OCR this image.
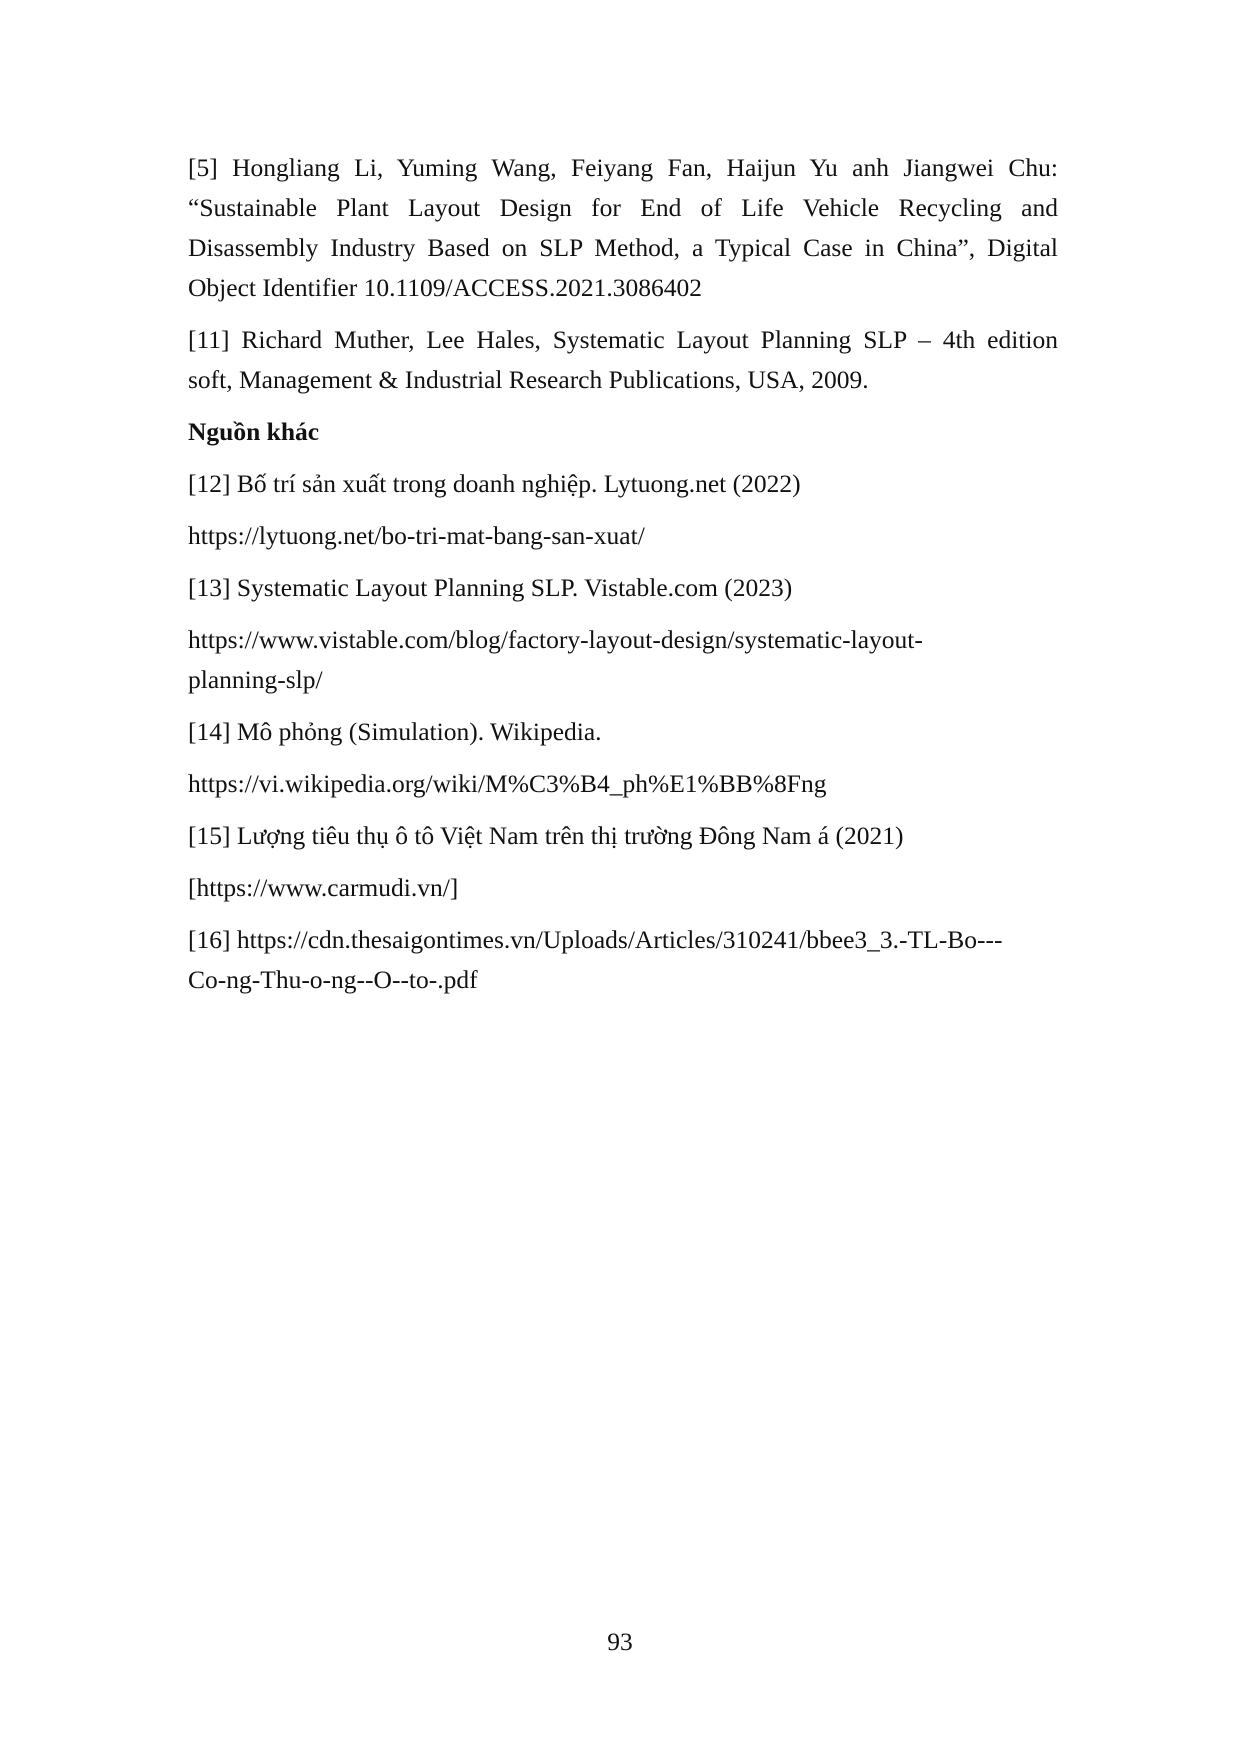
[5] Hongliang Li, Yuming Wang, Feiyang Fan, Haijun Yu anh Jiangwei Chu:
“Sustainable Plant Layout Design for End of Life Vehicle Recycling and
Disassembly Industry Based on SLP Method, a Typical Case in China”, Digital
Object Identifier 10.1109/ACCESS.2021.3086402
[11] Richard Muther, Lee Hales, Systematic Layout Planning SLP – 4th edition
soft, Management & Industrial Research Publications, USA, 2009.
Nguồn khác
[12] Bố trí sản xuất trong doanh nghiệp. Lytuong.net (2022)
https://lytuong.net/bo-tri-mat-bang-san-xuat/
[13] Systematic Layout Planning SLP. Vistable.com (2023)
https://www.vistable.com/blog/factory-layout-design/systematic-layout-
planning-slp/
[14] Mô phỏng (Simulation). Wikipedia.
https://vi.wikipedia.org/wiki/M%C3%B4_ph%E1%BB%8Fng
[15] Lượng tiêu thụ ô tô Việt Nam trên thị trường Đông Nam á (2021)
[https://www.carmudi.vn/]
[16] https://cdn.thesaigontimes.vn/Uploads/Articles/310241/bbee3_3.-TL-Bo---
Co-ng-Thu-o-ng--O--to-.pdf
93
